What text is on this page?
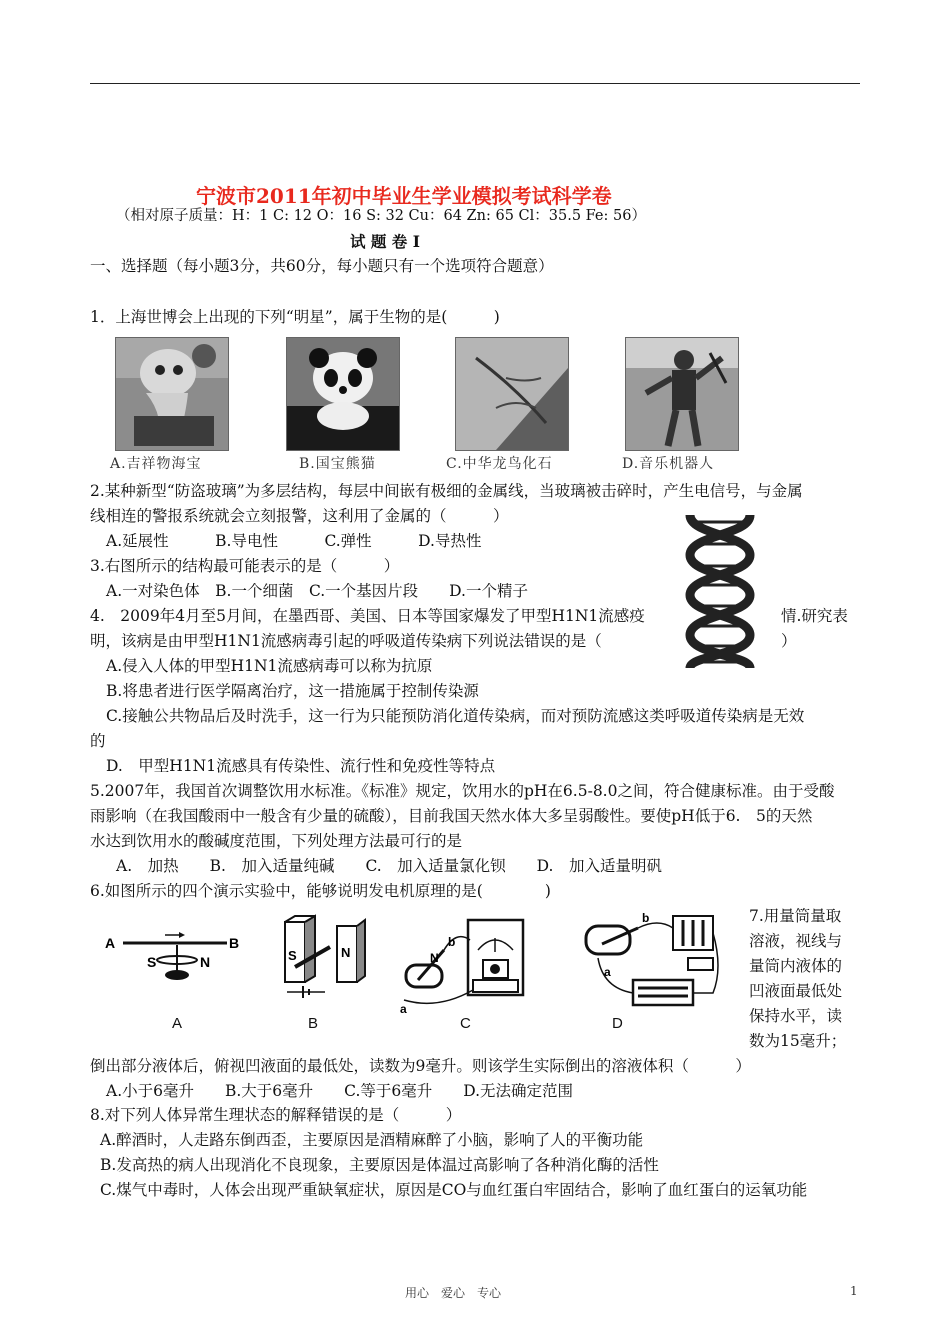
宁波市2011年初中毕业生学业模拟考试科学卷
（相对原子质量：H：1 C: 12 O：16 S: 32 Cu：64 Zn: 65 Cl：35.5 Fe: 56）
试 题 卷 I
一、选择题（每小题3分，共60分，每小题只有一个选项符合题意）
1．上海世博会上出现的下列“明星”，属于生物的是(　　　)
A.吉祥物海宝	B.国宝熊猫	C.中华龙鸟化石	D.音乐机器人
2.某种新型“防盗玻璃”为多层结构，每层中间嵌有极细的金属线，当玻璃被击碎时，产生电信号，与金属
线相连的警报系统就会立刻报警，这利用了金属的（　　　）
A.延展性　　　B.导电性　　　C.弹性　　　D.导热性
3.右图所示的结构最可能表示的是（　　　）
A.一对染色体　B.一个细菌　C.一个基因片段　　D.一个精子
4.　2009年4月至5月间，在墨西哥、美国、日本等国家爆发了甲型H1N1流感疫	情.研究表
明，该病是由甲型H1N1流感病毒引起的呼吸道传染病下列说法错误的是（	）
A.侵入人体的甲型H1N1流感病毒可以称为抗原
B.将患者进行医学隔离治疗，这一措施属于控制传染源
C.接触公共物品后及时洗手，这一行为只能预防消化道传染病，而对预防流感这类呼吸道传染病是无效
的
D.　甲型H1N1流感具有传染性、流行性和免疫性等特点
5.2007年，我国首次调整饮用水标准。《标准》规定，饮用水的pH在6.5-8.0之间，符合健康标准。由于受酸
雨影响（在我国酸雨中一般含有少量的硫酸），目前我国天然水体大多呈弱酸性。要使pH低于6.　5的天然
水达到饮用水的酸碱度范围，下列处理方法最可行的是
A.　加热　　B.　加入适量纯碱　　C.　加入适量氯化钡　　D.　加入适量明矾
6.如图所示的四个演示实验中，能够说明发电机原理的是(　　　　)
A	B
S	N	S	N
a
b
N
a
b
A	B	C	D
7.用量筒量取
溶液，视线与
量筒内液体的
凹液面最低处
保持水平，读
数为15毫升；
倒出部分液体后，俯视凹液面的最低处，读数为9毫升。则该学生实际倒出的溶液体积（　　　）
A.小于6毫升　　B.大于6毫升　　C.等于6毫升　　D.无法确定范围
8.对下列人体异常生理状态的解释错误的是（　　　）
A.醉酒时，人走路东倒西歪，主要原因是酒精麻醉了小脑，影响了人的平衡功能
B.发高热的病人出现消化不良现象，主要原因是体温过高影响了各种消化酶的活性
C.煤气中毒时，人体会出现严重缺氧症状，原因是CO与血红蛋白牢固结合，影响了血红蛋白的运氧功能
用心　爱心　专心	1
